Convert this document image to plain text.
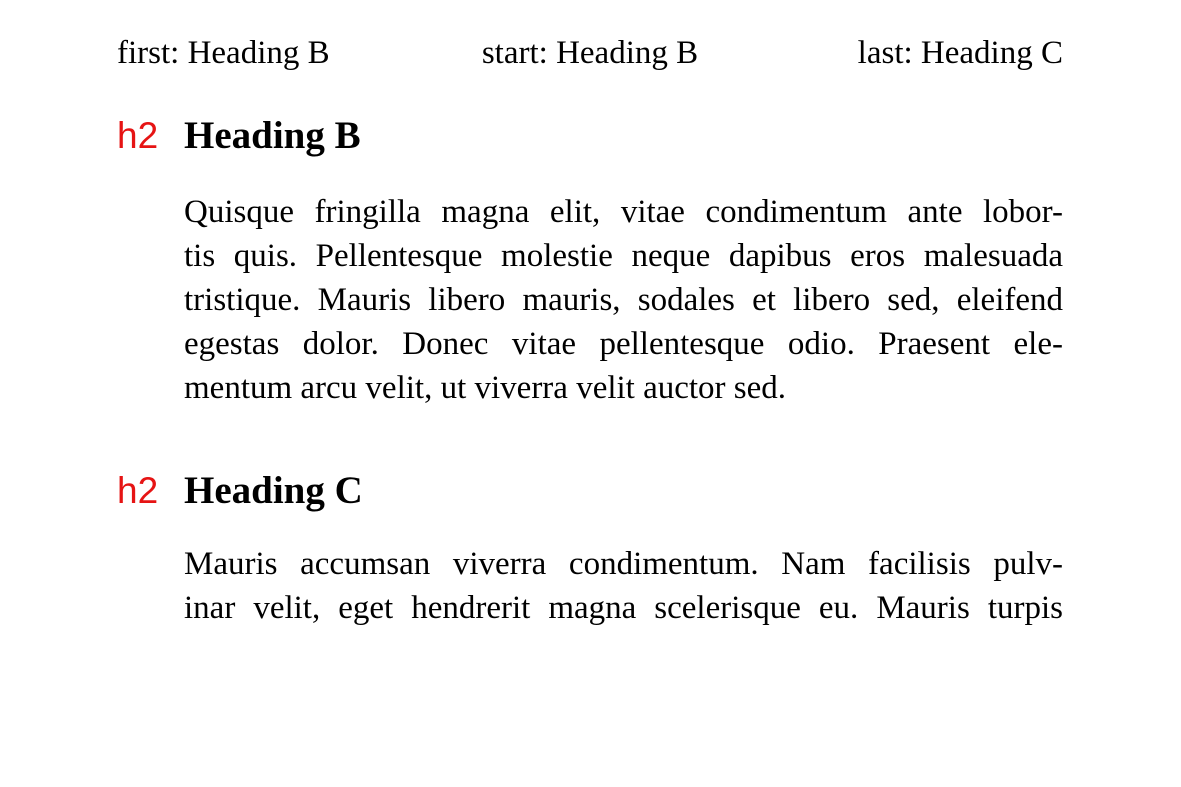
first: Heading B	start: Heading B	last: Heading C
h2 Heading B
Quisque fringilla magna elit, vitae condimentum ante lobor-
tis quis. Pellentesque molestie neque dapibus eros malesuada
tristique. Mauris libero mauris, sodales et libero sed, eleifend
egestas dolor. Donec vitae pellentesque odio. Praesent ele-
mentum arcu velit, ut viverra velit auctor sed.
h2 Heading C
Mauris accumsan viverra condimentum. Nam facilisis pulv-
inar velit, eget hendrerit magna scelerisque eu. Mauris turpis
